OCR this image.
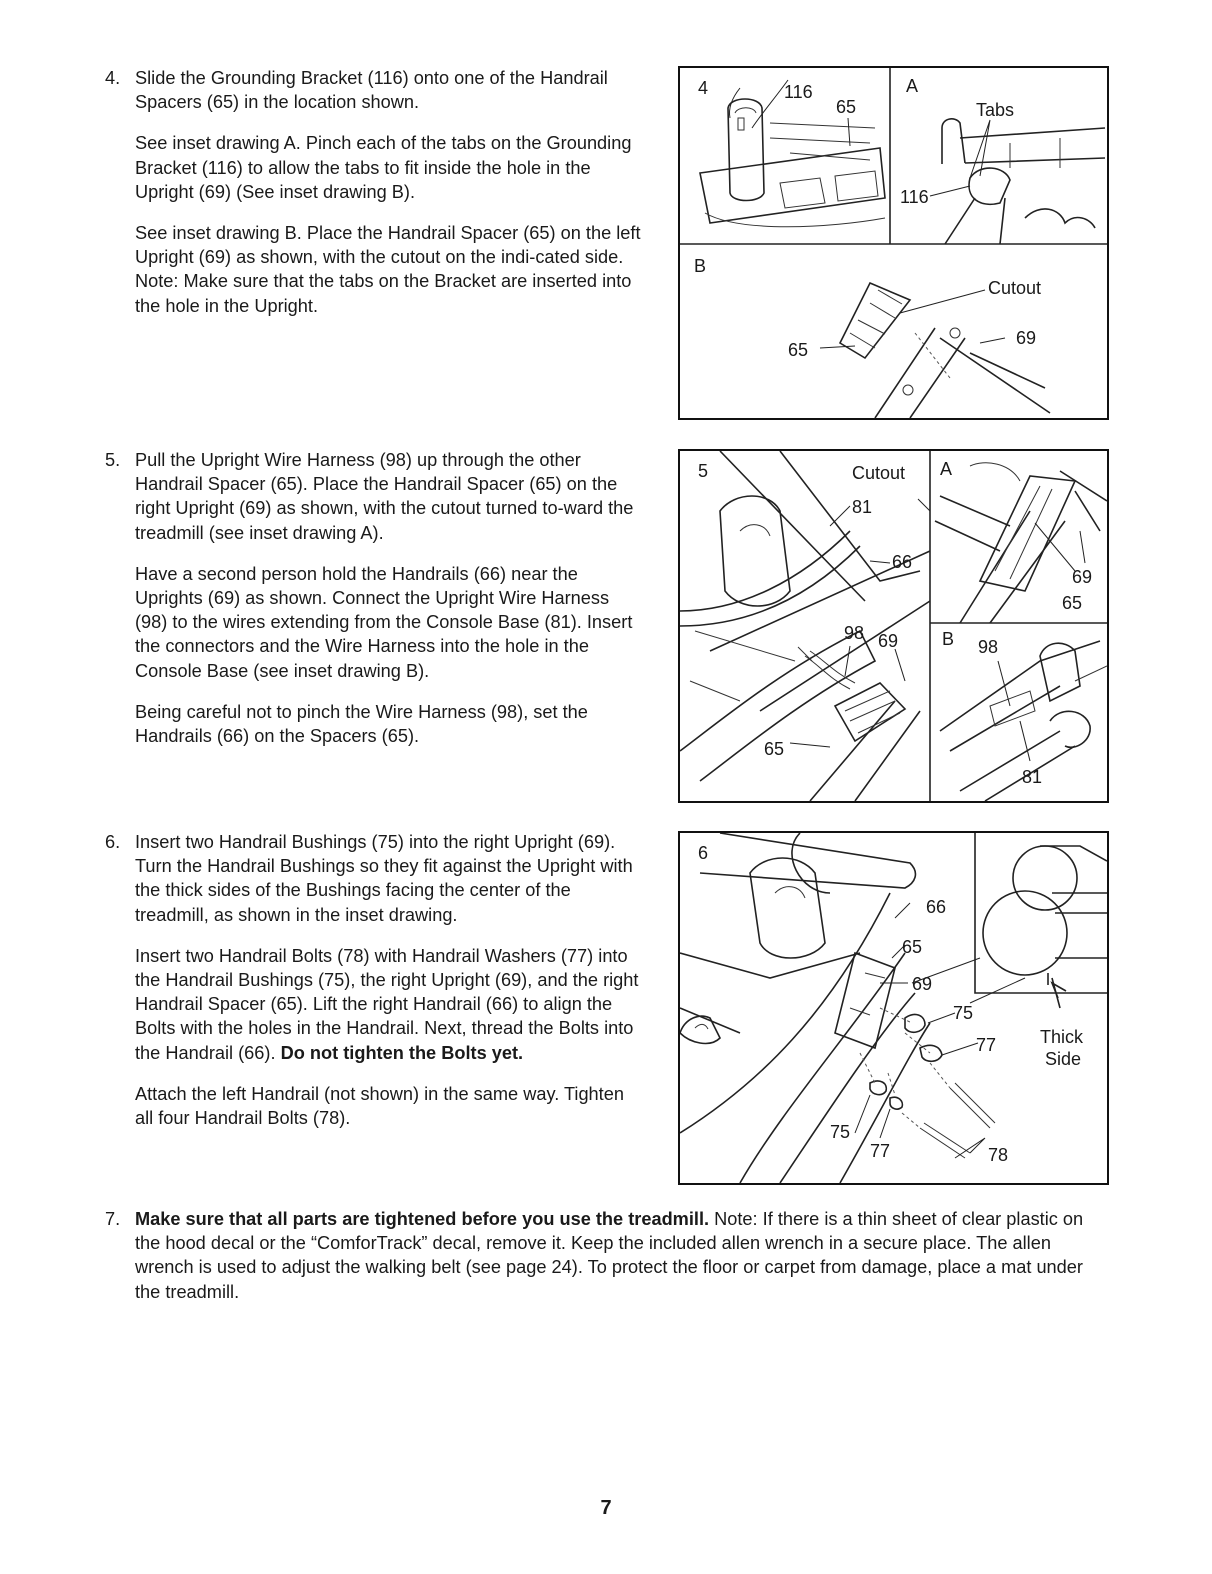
4. Slide the Grounding Bracket (116) onto one of the Handrail Spacers (65) in the location shown.
See inset drawing A. Pinch each of the tabs on the Grounding Bracket (116) to allow the tabs to fit inside the hole in the Upright (69) (See inset drawing B).
See inset drawing B. Place the Handrail Spacer (65) on the left Upright (69) as shown, with the cutout on the indi-cated side. Note: Make sure that the tabs on the Bracket are inserted into the hole in the Upright.
4	116
65
A
Tabs
116
B
Cutout
65
69
5. Pull the Upright Wire Harness (98) up through the other Handrail Spacer (65). Place the Handrail Spacer (65) on the right Upright (69) as shown, with the cutout turned to-ward the treadmill (see inset drawing A).
Have a second person hold the Handrails (66) near the Uprights (69) as shown. Connect the Upright Wire Harness (98) to the wires extending from the Console Base (81). Insert the connectors and the Wire Harness into the hole in the Console Base (see inset drawing B).
Being careful not to pinch the Wire Harness (98), set the Handrails (66) on the Spacers (65).
5	Cutout
81
66
98 69
65
A
69
65
B 98
81
6. Insert two Handrail Bushings (75) into the right Upright (69). Turn the Handrail Bushings so they fit against the Upright with the thick sides of the Bushings facing the center of the treadmill, as shown in the inset drawing.
Insert two Handrail Bolts (78) with Handrail Washers (77) into the Handrail Bushings (75), the right Upright (69), and the right Handrail Spacer (65). Lift the right Handrail (66) to align the Bolts with the holes in the Handrail. Next, thread the Bolts into the Handrail (66). Do not tighten the Bolts yet.
Attach the left Handrail (not shown) in the same way. Tighten all four Handrail Bolts (78).
6
66
65
69
75
77 Thick
Side
75
77	78
7. Make sure that all parts are tightened before you use the treadmill. Note: If there is a thin sheet of clear plastic on the hood decal or the “ComforTrack” decal, remove it. Keep the included allen wrench in a secure place. The allen wrench is used to adjust the walking belt (see page 24). To protect the floor or carpet from damage, place a mat under the treadmill.
7
